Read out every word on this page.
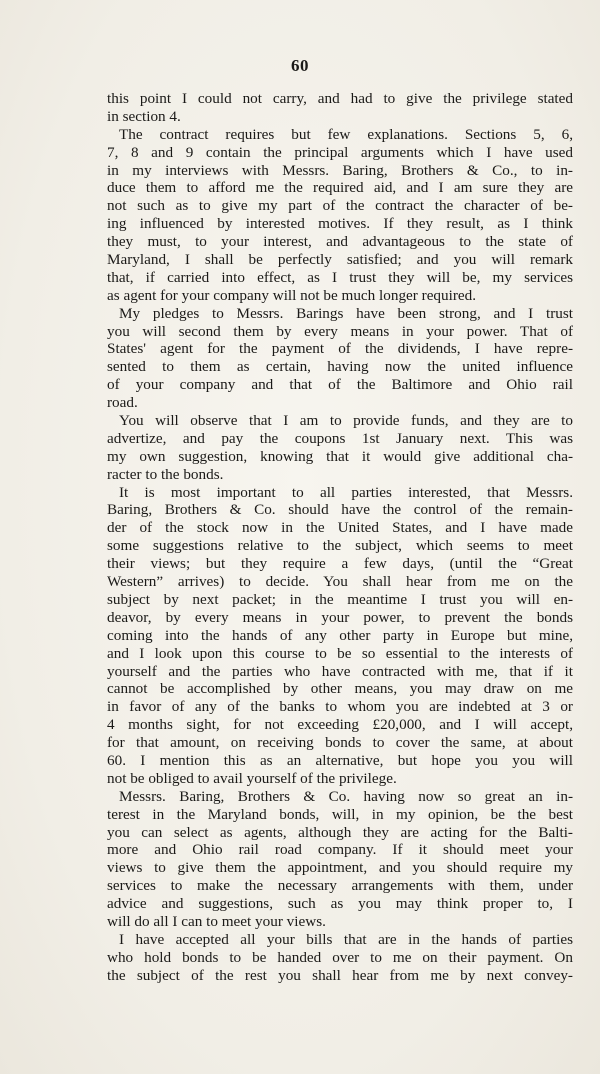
60
this point I could not carry, and had to give the privilege stated
in section 4.
The contract requires but few explanations. Sections 5, 6,
7, 8 and 9 contain the principal arguments which I have used
in my interviews with Messrs. Baring, Brothers & Co., to in-
duce them to afford me the required aid, and I am sure they are
not such as to give my part of the contract the character of be-
ing influenced by interested motives. If they result, as I think
they must, to your interest, and advantageous to the state of
Maryland, I shall be perfectly satisfied; and you will remark
that, if carried into effect, as I trust they will be, my services
as agent for your company will not be much longer required.
My pledges to Messrs. Barings have been strong, and I trust
you will second them by every means in your power. That of
States' agent for the payment of the dividends, I have repre-
sented to them as certain, having now the united influence
of your company and that of the Baltimore and Ohio rail
road.
You will observe that I am to provide funds, and they are to
advertize, and pay the coupons 1st January next. This was
my own suggestion, knowing that it would give additional cha-
racter to the bonds.
It is most important to all parties interested, that Messrs.
Baring, Brothers & Co. should have the control of the remain-
der of the stock now in the United States, and I have made
some suggestions relative to the subject, which seems to meet
their views; but they require a few days, (until the “Great
Western” arrives) to decide. You shall hear from me on the
subject by next packet; in the meantime I trust you will en-
deavor, by every means in your power, to prevent the bonds
coming into the hands of any other party in Europe but mine,
and I look upon this course to be so essential to the interests of
yourself and the parties who have contracted with me, that if it
cannot be accomplished by other means, you may draw on me
in favor of any of the banks to whom you are indebted at 3 or
4 months sight, for not exceeding £20,000, and I will accept,
for that amount, on receiving bonds to cover the same, at about
60. I mention this as an alternative, but hope you you will
not be obliged to avail yourself of the privilege.
Messrs. Baring, Brothers & Co. having now so great an in-
terest in the Maryland bonds, will, in my opinion, be the best
you can select as agents, although they are acting for the Balti-
more and Ohio rail road company. If it should meet your
views to give them the appointment, and you should require my
services to make the necessary arrangements with them, under
advice and suggestions, such as you may think proper to, I
will do all I can to meet your views.
I have accepted all your bills that are in the hands of parties
who hold bonds to be handed over to me on their payment. On
the subject of the rest you shall hear from me by next convey-
